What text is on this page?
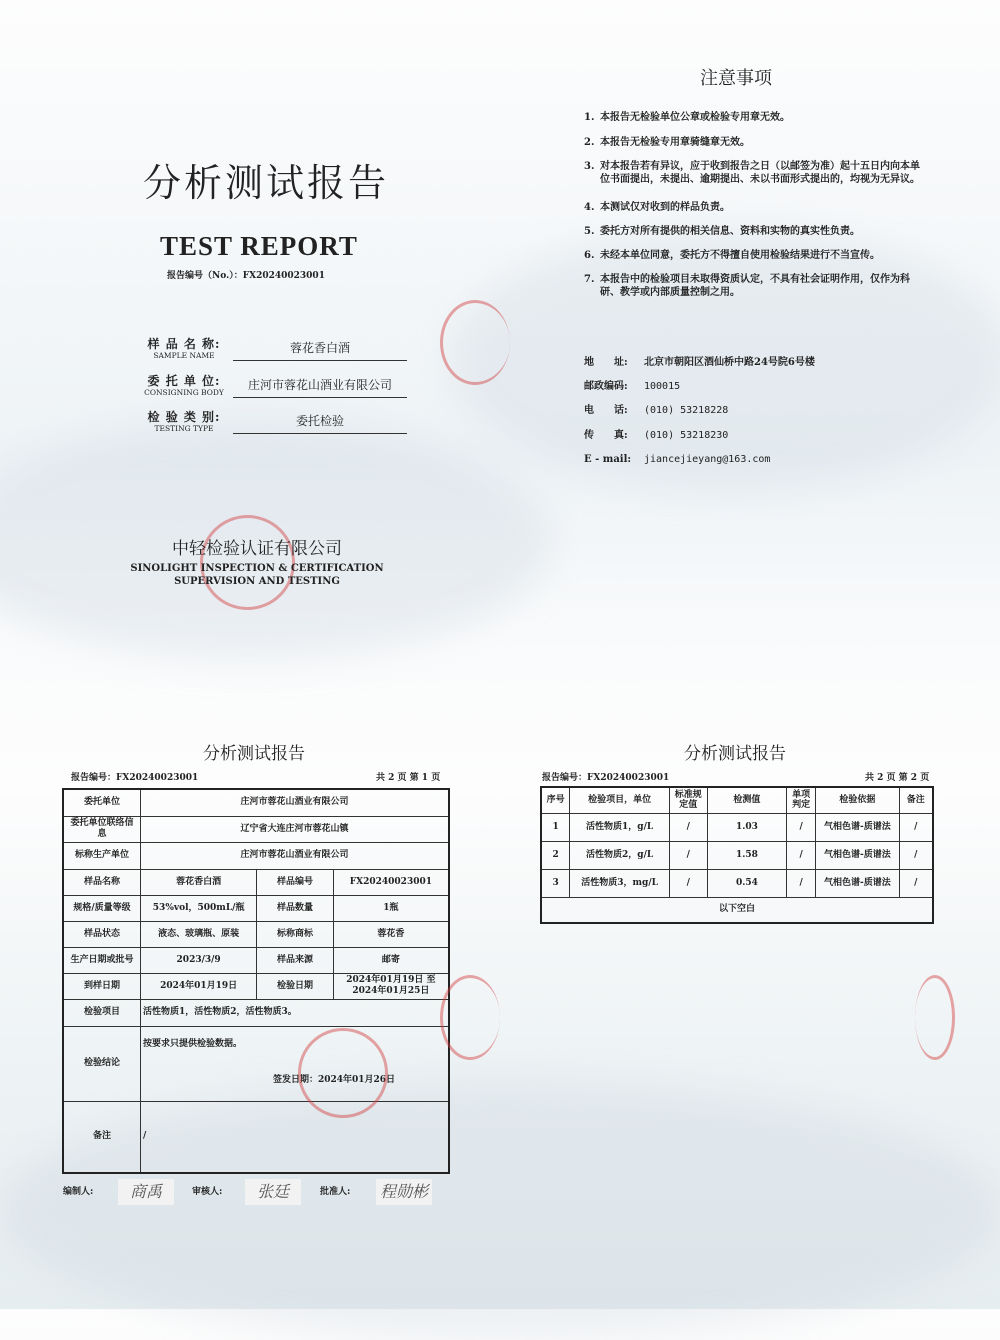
分析测试报告
TEST REPORT
报告编号（No.）：FX20240023001
样 品 名 称:
SAMPLE NAME
蓉花香白酒
委 托 单 位:
CONSIGNING BODY
庄河市蓉花山酒业有限公司
检 验 类 别:
TESTING TYPE
委托检验
中轻检验认证有限公司
SINOLIGHT INSPECTION & CERTIFICATION
SUPERVISION AND TESTING
注意事项
1. 本报告无检验单位公章或检验专用章无效。
2. 本报告无检验专用章骑缝章无效。
3. 对本报告若有异议，应于收到报告之日（以邮签为准）起十五日内向本单位书面提出，未提出、逾期提出、未以书面形式提出的，均视为无异议。
4. 本测试仅对收到的样品负责。
5. 委托方对所有提供的相关信息、资料和实物的真实性负责。
6. 未经本单位同意，委托方不得擅自使用检验结果进行不当宣传。
7. 本报告中的检验项目未取得资质认定，不具有社会证明作用，仅作为科研、教学或内部质量控制之用。
地　　址: 北京市朝阳区酒仙桥中路24号院6号楼
邮政编码: 100015
电　　话: (010) 53218228
传　　真: (010) 53218230
E - mail: jiancejieyang@163.com
分析测试报告
报告编号：FX20240023001	共 2 页 第 1 页
委托单位	庄河市蓉花山酒业有限公司		
委托单位联络信息	辽宁省大连庄河市蓉花山镇		
标称生产单位	庄河市蓉花山酒业有限公司		
样品名称	蓉花香白酒	样品编号	FX20240023001
规格/质量等级	53%vol，500mL/瓶	样品数量	1瓶
样品状态	液态、玻璃瓶、原装	标称商标	蓉花香
生产日期或批号	2023/3/9	样品来源	邮寄
到样日期	2024年01月19日	检验日期	2024年01月19日 至2024年01月25日
检验项目	活性物质1，活性物质2，活性物质3。		
检验结论	按要求只提供检验数据。
签发日期：2024年01月26日		

备注	/		
编制人:	商禹	审核人:	张廷	批准人: 程勋彬
分析测试报告
报告编号：FX20240023001	共 2 页 第 2 页
序号	检验项目，单位	标准规定值	检测值	单项判定	检验依据	备注
1	活性物质1，g/L	/	1.03	/	气相色谱-质谱法	/
2	活性物质2，g/L	/	1.58	/	气相色谱-质谱法	/
3	活性物质3，mg/L	/	0.54	/	气相色谱-质谱法	/
以下空白						
